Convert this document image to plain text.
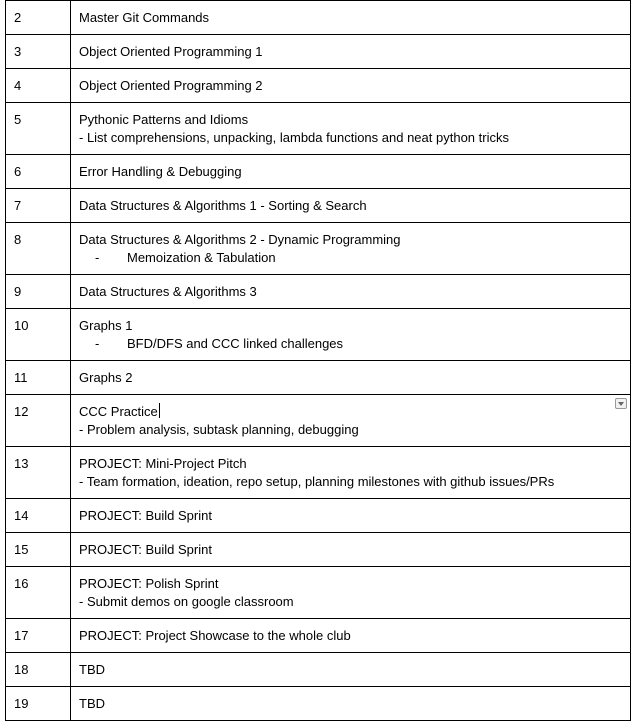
2	Master Git Commands

3	Object Oriented Programming 1

4	Object Oriented Programming 2

5	Pythonic Patterns and Idioms
- List comprehensions, unpacking, lambda functions and neat python tricks

6	Error Handling & Debugging

7	Data Structures & Algorithms 1 - Sorting & Search

8	Data Structures & Algorithms 2 - Dynamic Programming
- Memoization & Tabulation

9	Data Structures & Algorithms 3

10	Graphs 1
- BFD/DFS and CCC linked challenges

11	Graphs 2

12	CCC Practice
- Problem analysis, subtask planning, debugging

13	PROJECT: Mini-Project Pitch
- Team formation, ideation, repo setup, planning milestones with github issues/PRs

14	PROJECT: Build Sprint

15	PROJECT: Build Sprint

16	PROJECT: Polish Sprint
- Submit demos on google classroom

17	PROJECT: Project Showcase to the whole club

18	TBD

19	TBD
